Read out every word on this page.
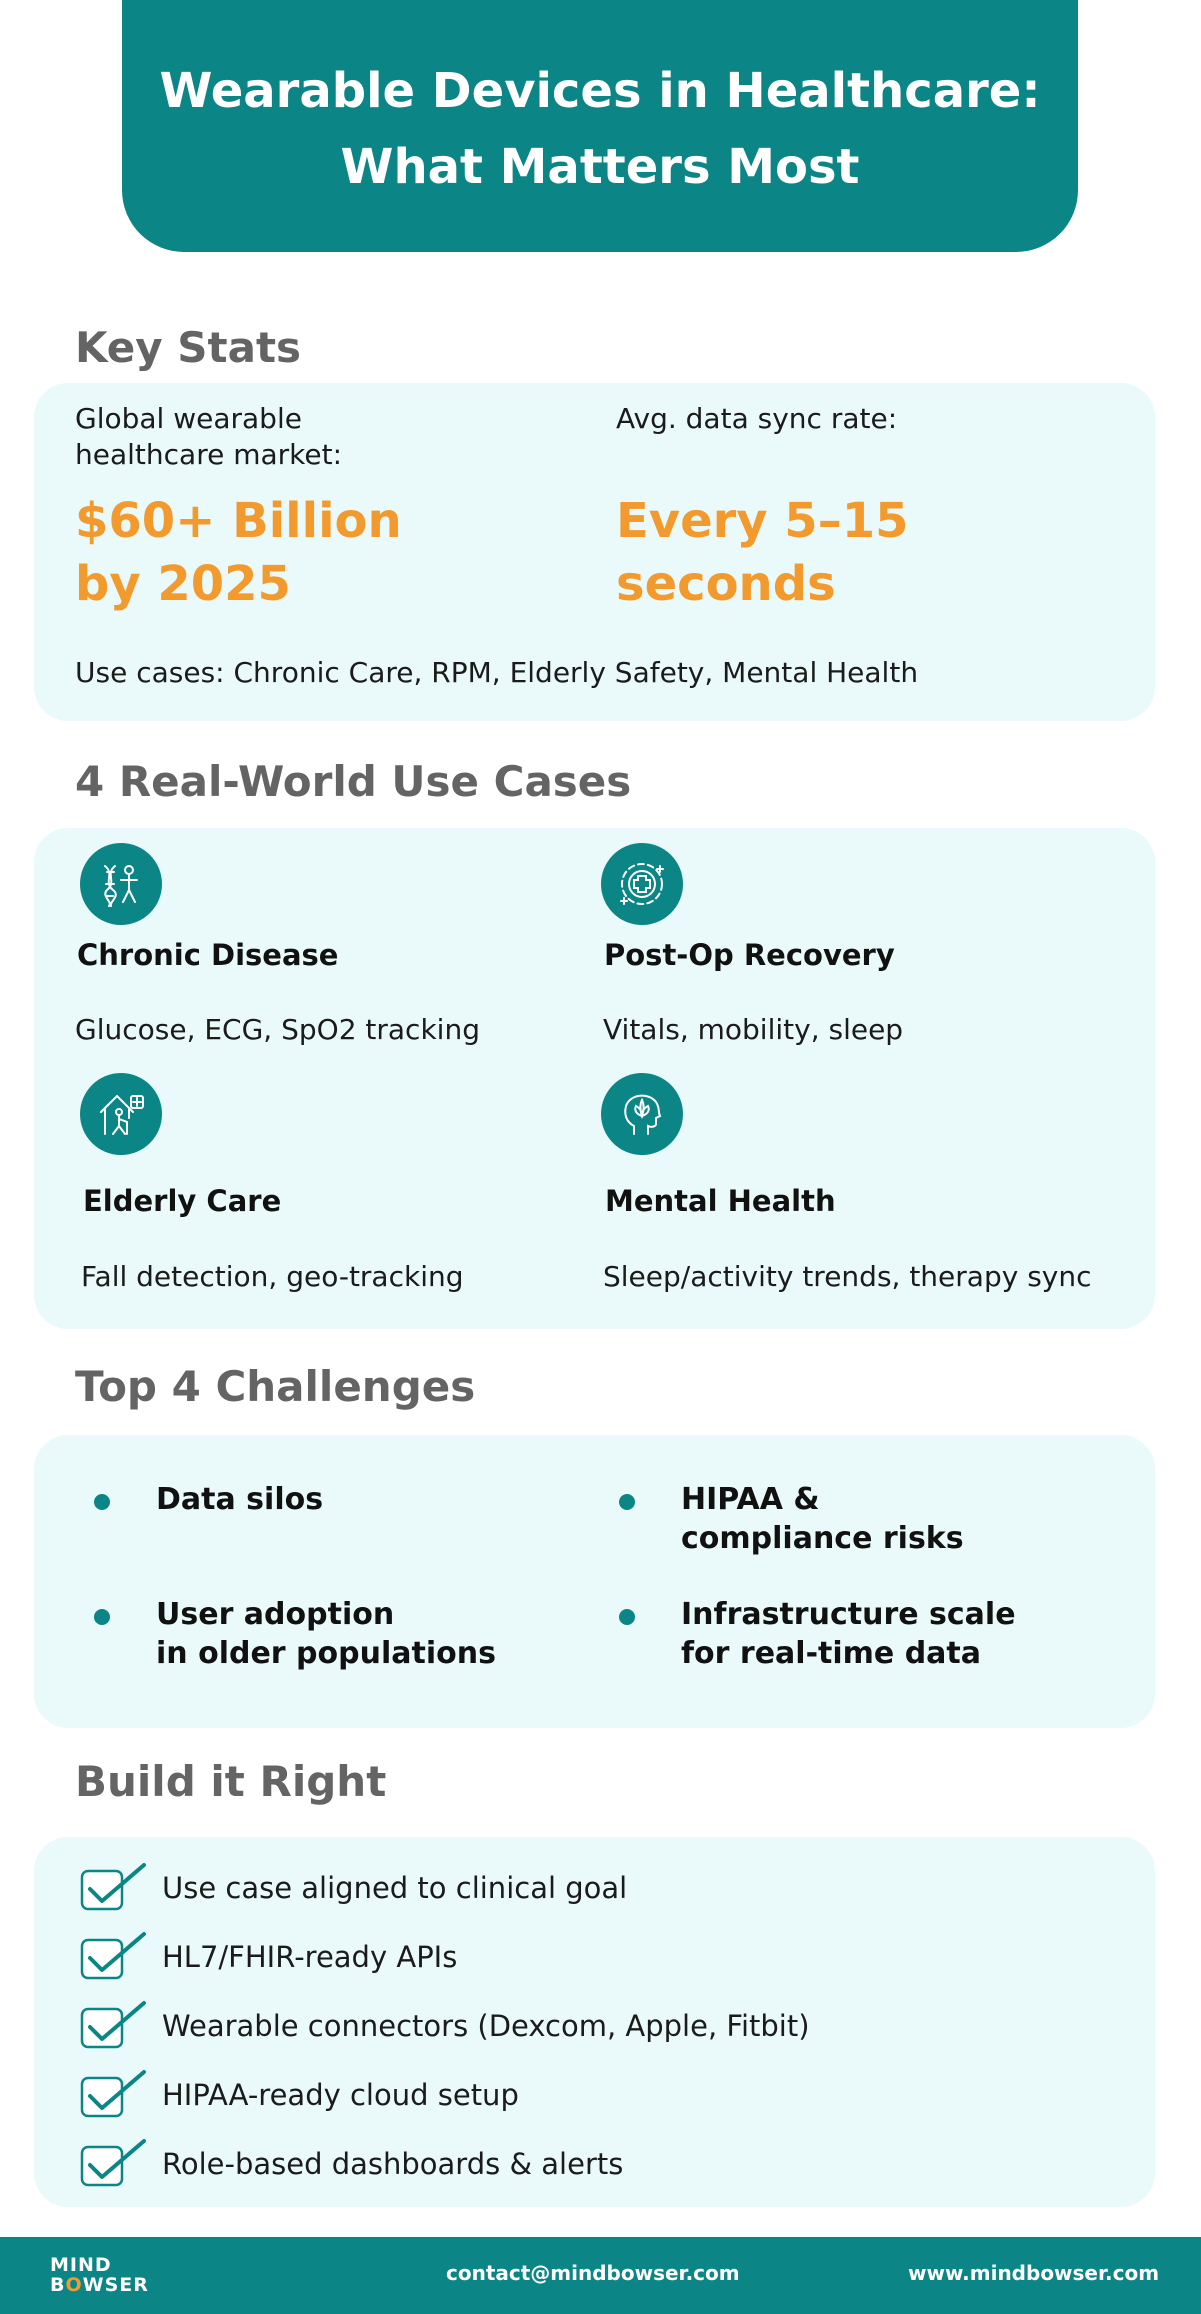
Wearable Devices in Healthcare:
What Matters Most
Key Stats
Global wearable
healthcare market:
$60+ Billion
by 2025
Avg. data sync rate:
Every 5–15
seconds
Use cases: Chronic Care, RPM, Elderly Safety, Mental Health
4 Real-World Use Cases
Chronic Disease
Glucose, ECG, SpO2 tracking
Post-Op Recovery
Vitals, mobility, sleep
Elderly Care
Fall detection, geo-tracking
Mental Health
Sleep/activity trends, therapy sync
Top 4 Challenges
Data silos	HIPAA &
compliance risks
User adoption
in older populations
Infrastructure scale
for real-time data
Build it Right
Use case aligned to clinical goal
HL7/FHIR-ready APIs
Wearable connectors (Dexcom, Apple, Fitbit)
HIPAA-ready cloud setup
Role-based dashboards & alerts
MIND
BOWSER	contact@mindbowser.com	www.mindbowser.com
